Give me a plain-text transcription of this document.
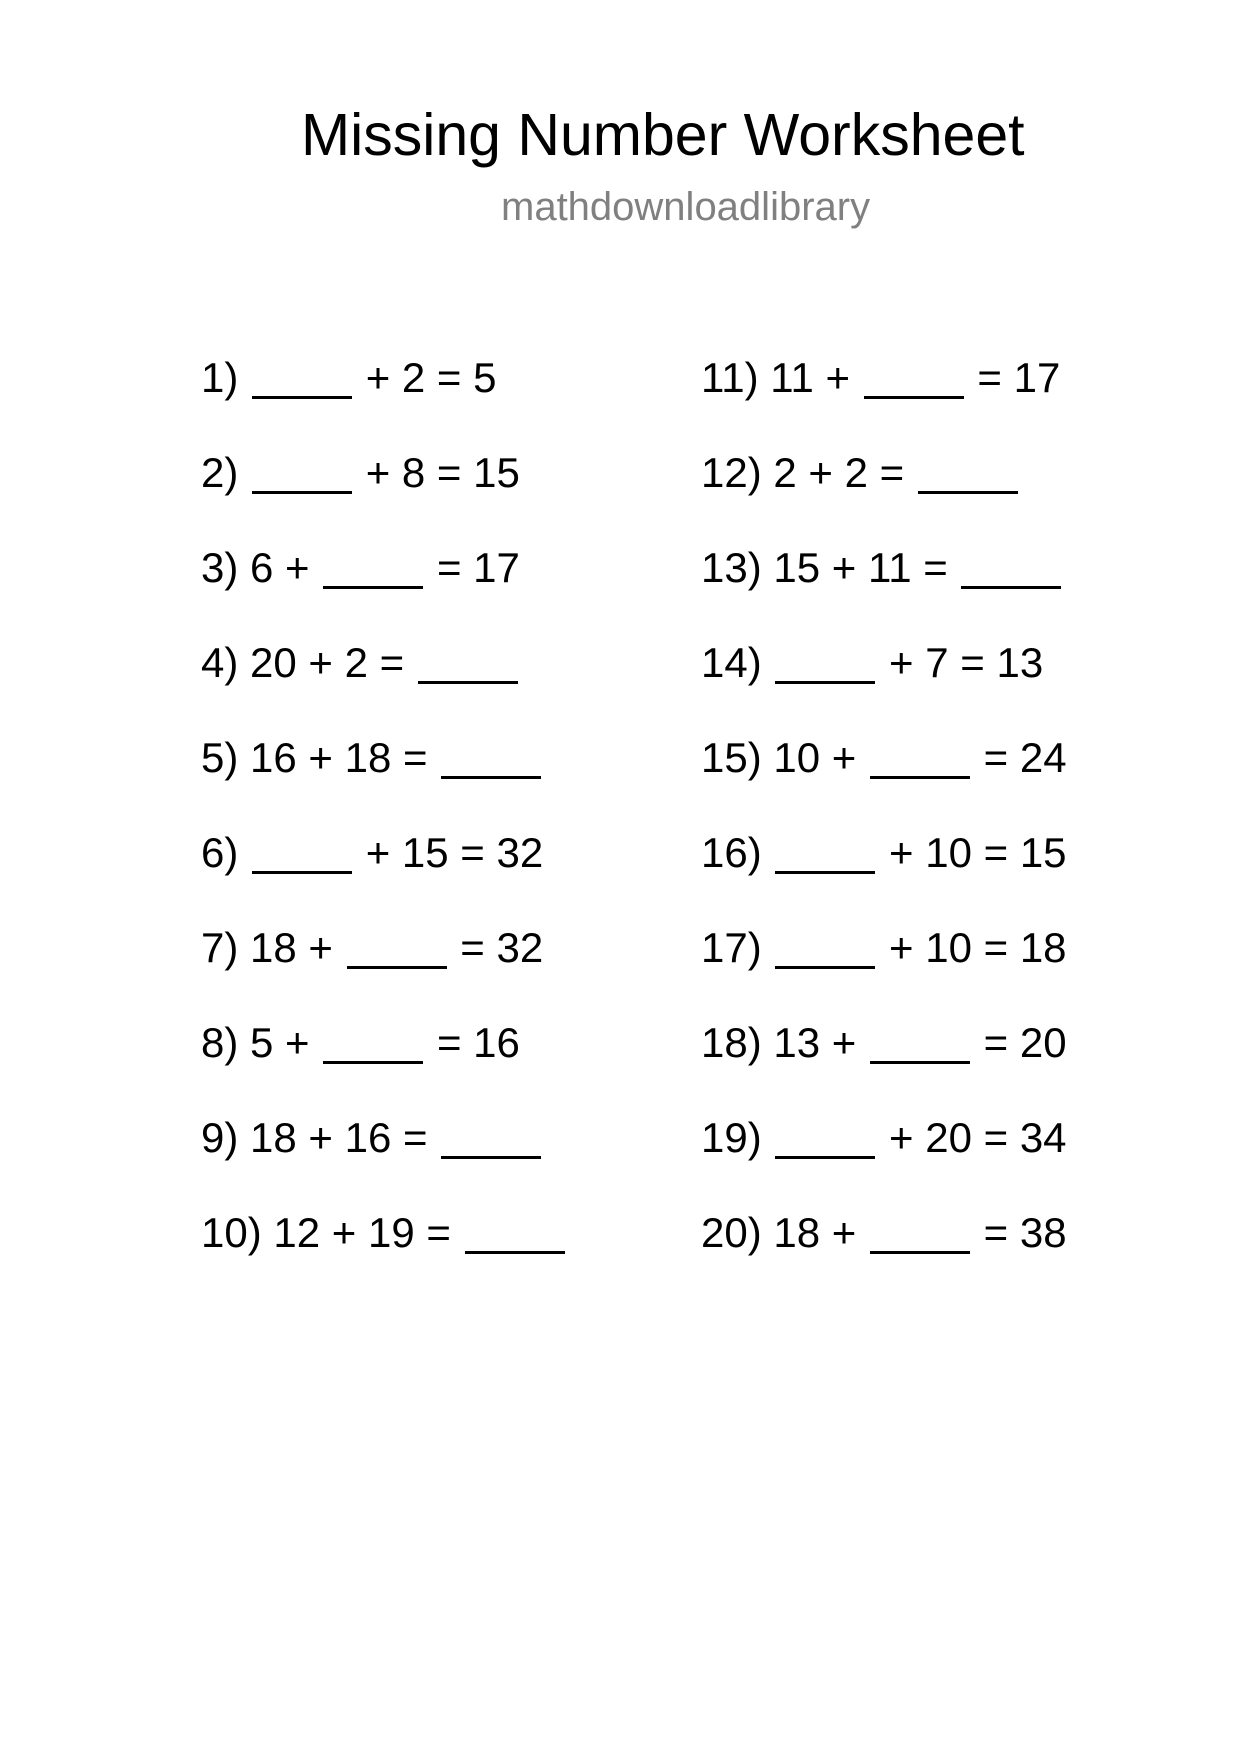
Missing Number Worksheet
mathdownloadlibrary
1)	+ 2 = 5
2)	+ 8 = 15
3) 6 +	= 17
4) 20 + 2 =
5) 16 + 18 =
6)	+ 15 = 32
7) 18 +	= 32
8) 5 +	= 16
9) 18 + 16 =
10) 12 + 19 =
11) 11 +	= 17
12) 2 + 2 =
13) 15 + 11 =
14)	+ 7 = 13
15) 10 +	= 24
16)	+ 10 = 15
17)	+ 10 = 18
18) 13 +	= 20
19)	+ 20 = 34
20) 18 +	= 38
